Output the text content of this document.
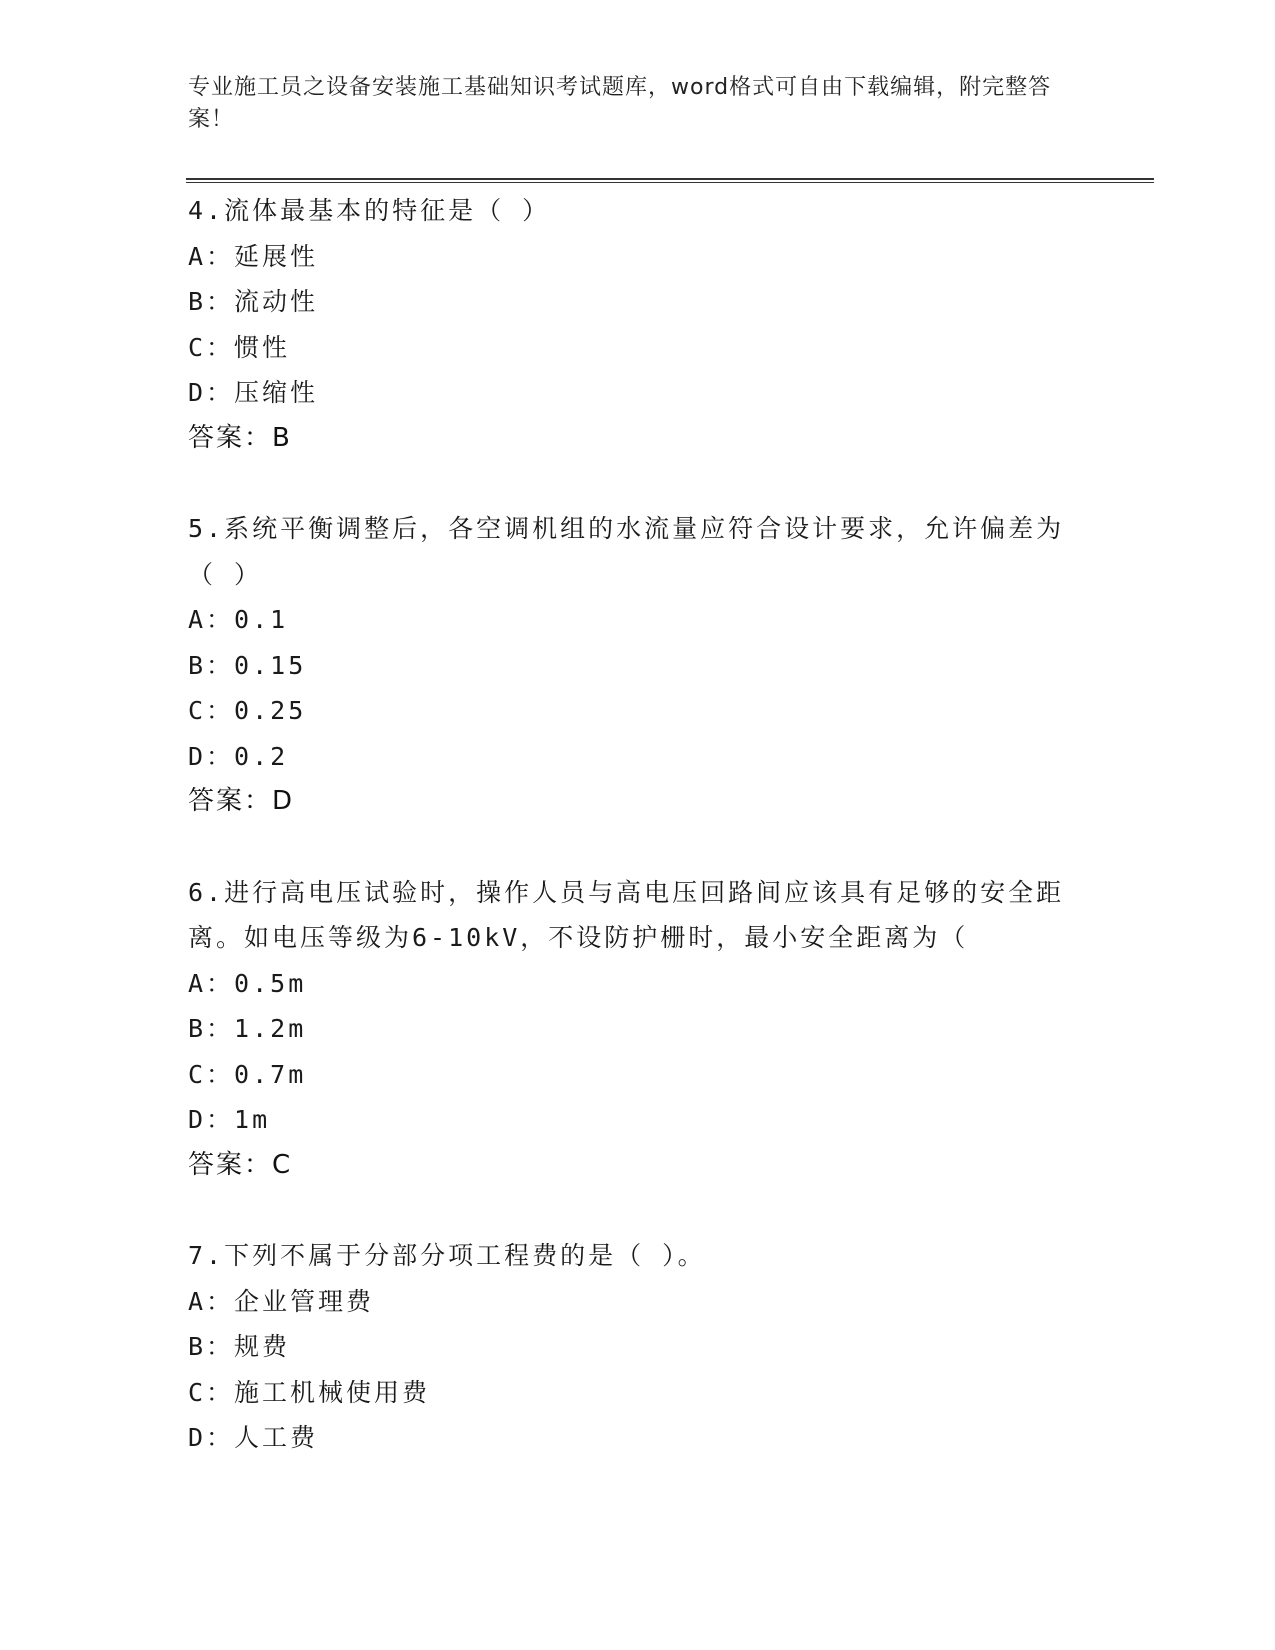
专业施工员之设备安装施工基础知识考试题库，word格式可自由下载编辑，附完整答案！
4.流体最基本的特征是（ ）
A：延展性
B：流动性
C：惯性
D：压缩性
答案：B
5.系统平衡调整后，各空调机组的水流量应符合设计要求，允许偏差为（ ）
A：0.1
B：0.15
C：0.25
D：0.2
答案：D
6.进行高电压试验时，操作人员与高电压回路间应该具有足够的安全距离。如电压等级为6-10kV，不设防护栅时，最小安全距离为（
A：0.5m
B：1.2m
C：0.7m
D：1m
答案：C
7.下列不属于分部分项工程费的是（ ）。
A：企业管理费
B：规费
C：施工机械使用费
D：人工费
